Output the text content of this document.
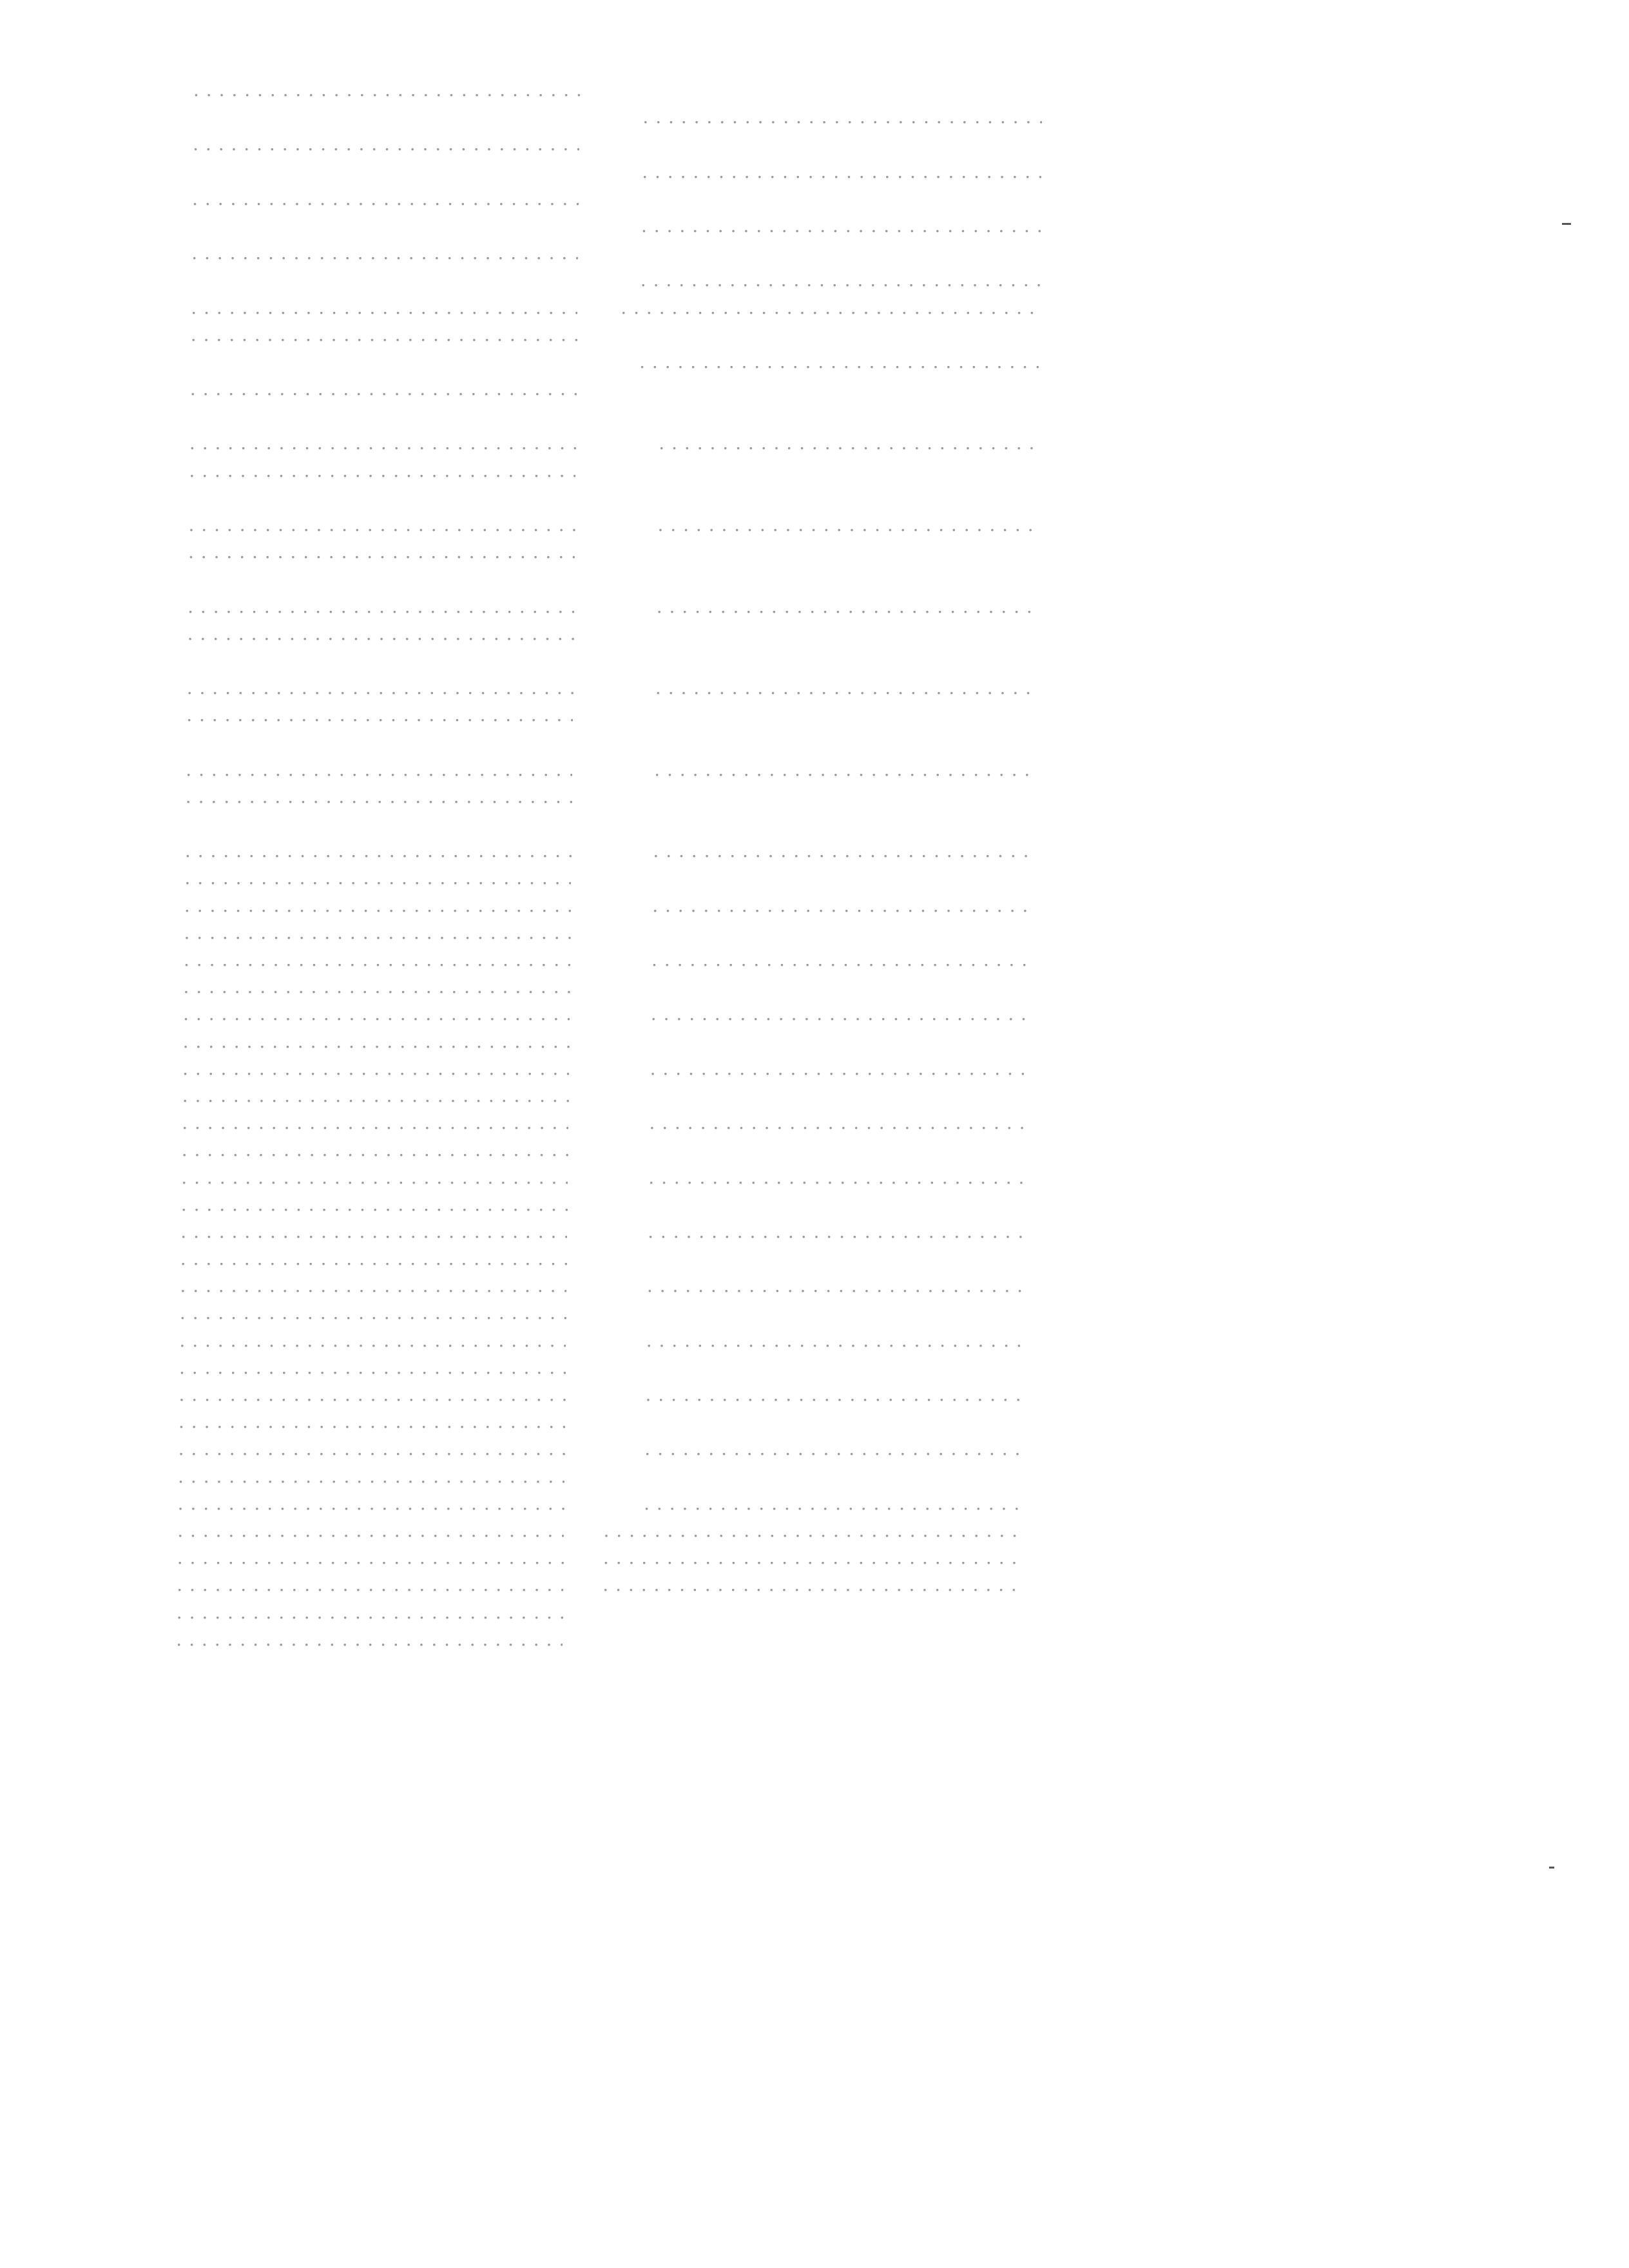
. . .
. . .
. . .
. . .
. . .
. . .
. . .
. . .
. . .
. . .
. . .
. . .
. . .
. . .
. . .
. . .
. . .
. . .
. . .
. . .
. . .
. . .
. . .
. . .
. . .
. . .
. . .
. . .
. . .
. . .
. . .
. . .
. . .
. . .
. . .
. . .
. . .
. . .
. . .
. . .
. . .
. . .
. . .
. . .
. . .
. . .
. . .
. . .
. . .
. . .
. . .
. . .
. . .
. . .
. . .
. . .
. . .
. . .
. . .
. . .
. . .
. . .
. . .
. . .
. . .
. . .
. . .
. . .
. . .
. . .
. . .
. . .
. . .
. . .
